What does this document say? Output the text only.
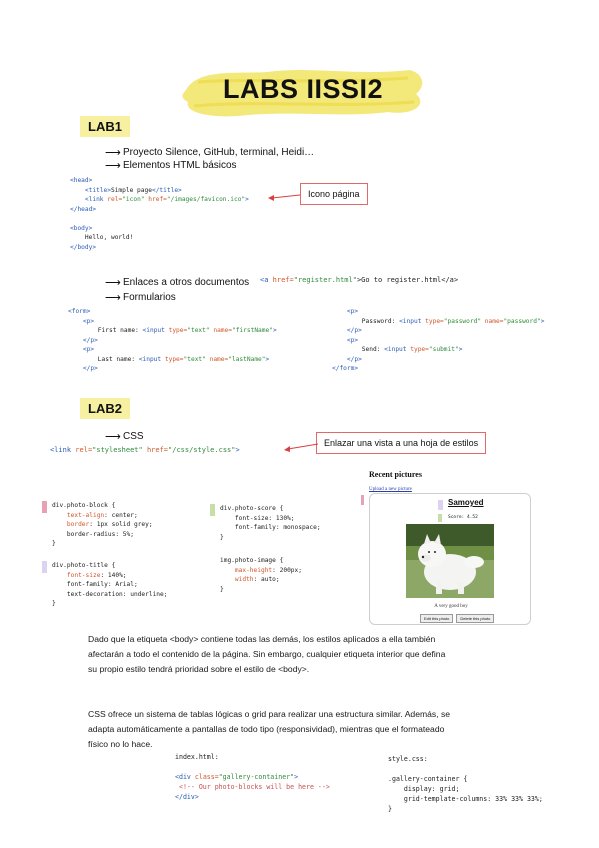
LABS IISSI2
LAB1
⟶ Proyecto Silence, GitHub, terminal, Heidi…
⟶ Elementos HTML básicos
<head>
<title>Simple page</title>
<link rel="icon" href="/images/favicon.ico">
</head>

<body>
Hello, world!
</body>
Icono página
⟶ Enlaces a otros documentos <a href="register.html">Go to register.html</a>
⟶ Formularios
<form>
<p>
First name: <input type="text" name="firstName">
</p>
<p>
Last name: <input type="text" name="lastName">
</p>
<p>
Password: <input type="password" name="password">
</p>
<p>
Send: <input type="submit">
</p>
</form>
LAB2
⟶ CSS
<link rel="stylesheet" href="/css/style.css">
Enlazar una vista a una hoja de estilos
div.photo-block {
text-align: center;
border: 1px solid grey;
border-radius: 5%;
}
div.photo-title {
font-size: 140%;
font-family: Arial;
text-decoration: underline;
}
div.photo-score {
font-size: 130%;
font-family: monospace;
}
img.photo-image {
max-height: 200px;
width: auto;
}
Recent pictures
Upload a new picture
Samoyed
Score: 4.52
A very good boy
Edit this photo	Delete this photo
Dado que la etiqueta <body> contiene todas las demás, los estilos aplicados a ella también
afectarán a todo el contenido de la página. Sin embargo, cualquier etiqueta interior que defina
su propio estilo tendrá prioridad sobre el estilo de <body>.
CSS ofrece un sistema de tablas lógicas o grid para realizar una estructura similar. Además, se
adapta automáticamente a pantallas de todo tipo (responsividad), mientras que el formateado
físico no lo hace.
index.html:

<div class="gallery-container">
<!-- Our photo-blocks will be here -->
</div>
style.css:

.gallery-container {
display: grid;
grid-template-columns: 33% 33% 33%;
}
